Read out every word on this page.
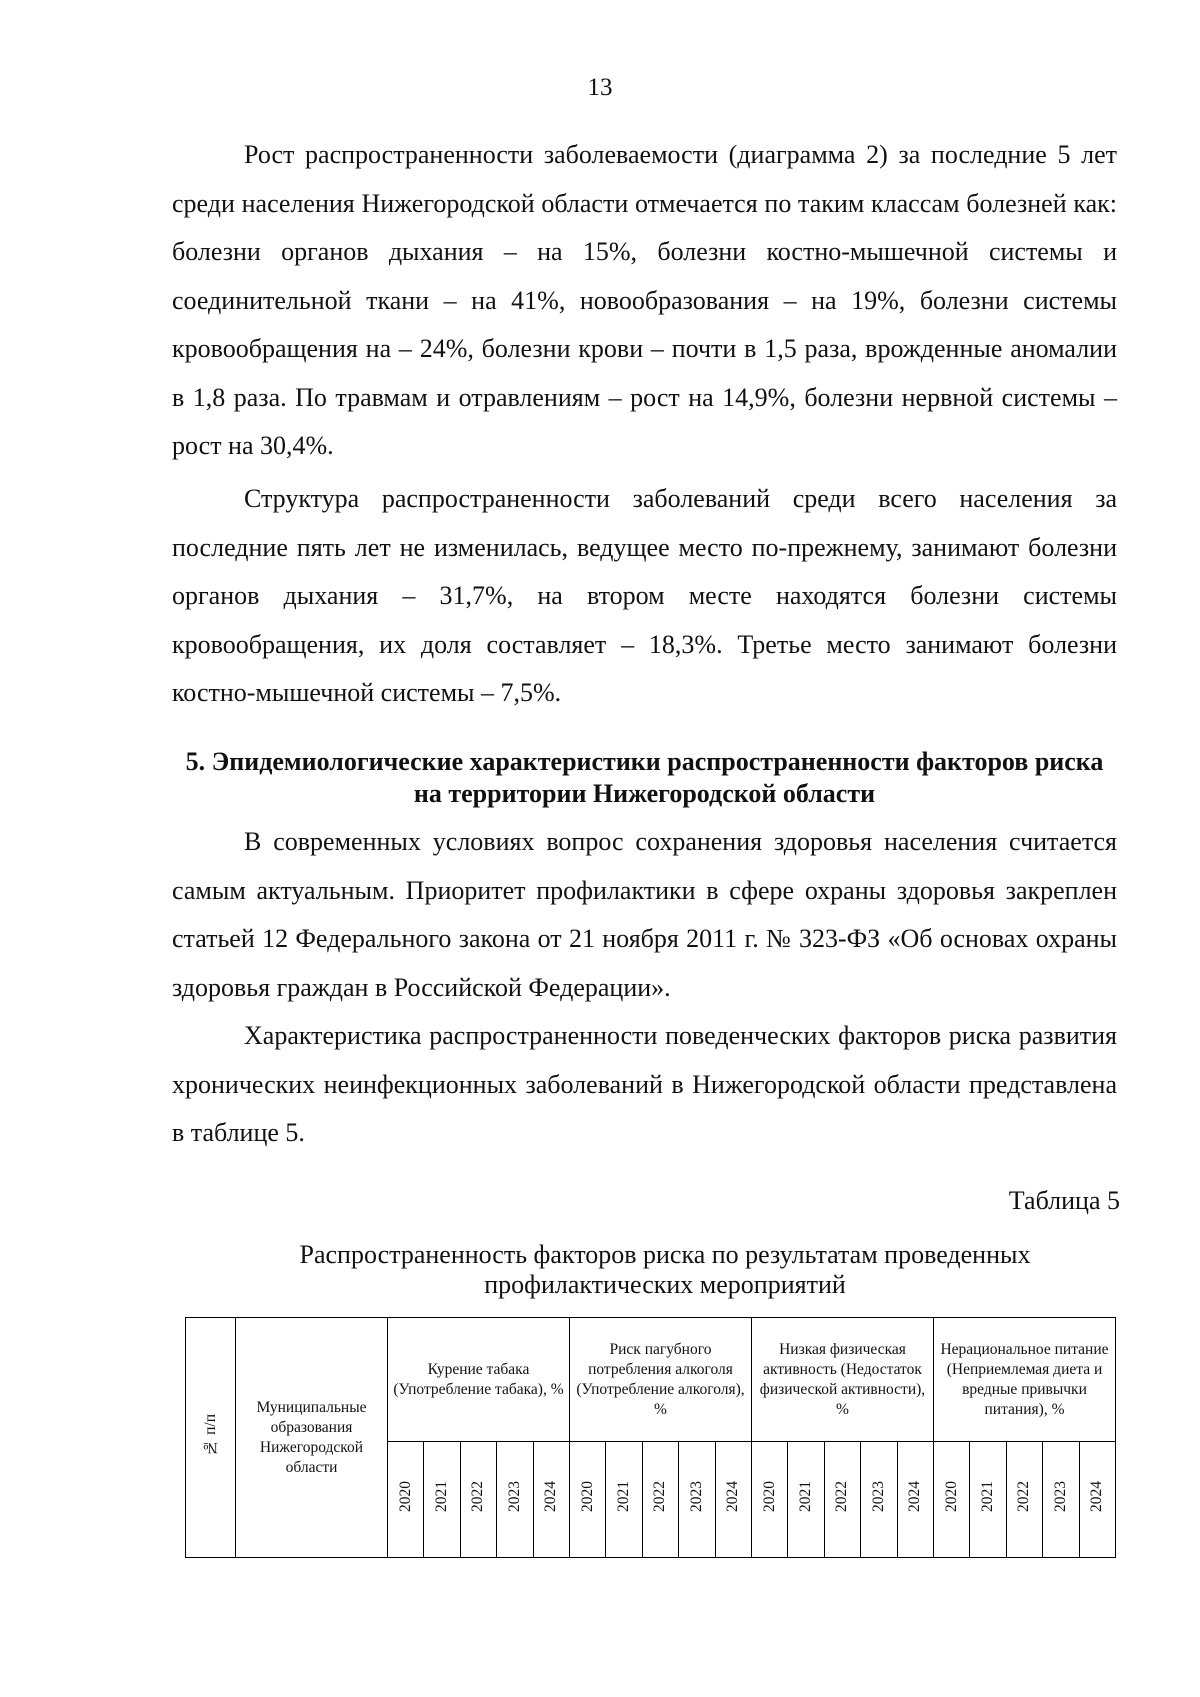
13

Рост распространенности заболеваемости (диаграмма 2) за последние 5 лет среди населения Нижегородской области отмечается по таким классам болезней как: болезни органов дыхания – на 15%, болезни костно-мышечной системы и соединительной ткани – на 41%, новообразования – на 19%, болезни системы кровообращения на – 24%, болезни крови – почти в 1,5 раза, врожденные аномалии в 1,8 раза. По травмам и отравлениям – рост на 14,9%, болезни нервной системы – рост на 30,4%.

Структура распространенности заболеваний среди всего населения за последние пять лет не изменилась, ведущее место по-прежнему, занимают болезни органов дыхания – 31,7%, на втором месте находятся болезни системы кровообращения, их доля составляет – 18,3%. Третье место занимают болезни костно-мышечной системы – 7,5%.

5. Эпидемиологические характеристики распространенности факторов риска на территории Нижегородской области

В современных условиях вопрос сохранения здоровья населения считается самым актуальным. Приоритет профилактики в сфере охраны здоровья закреплен статьей 12 Федерального закона от 21 ноября 2011 г. № 323-ФЗ «Об основах охраны здоровья граждан в Российской Федерации».

Характеристика распространенности поведенческих факторов риска развития хронических неинфекционных заболеваний в Нижегородской области представлена в таблице 5.

Таблица 5

Распространенность факторов риска по результатам проведенных профилактических мероприятий

№ п/п	Муниципальные образования Нижегородской области	Курение табака (Употребление табака), %					Риск пагубного потребления алкоголя (Употребление алкоголя), %					Низкая физическая активность (Недостаток физической активности), %					Нерациональное питание (Неприемлемая диета и вредные привычки питания), %				
		2020	2021	2022	2023	2024	2020	2021	2022	2023	2024	2020	2021	2022	2023	2024	2020	2021	2022	2023	2024
